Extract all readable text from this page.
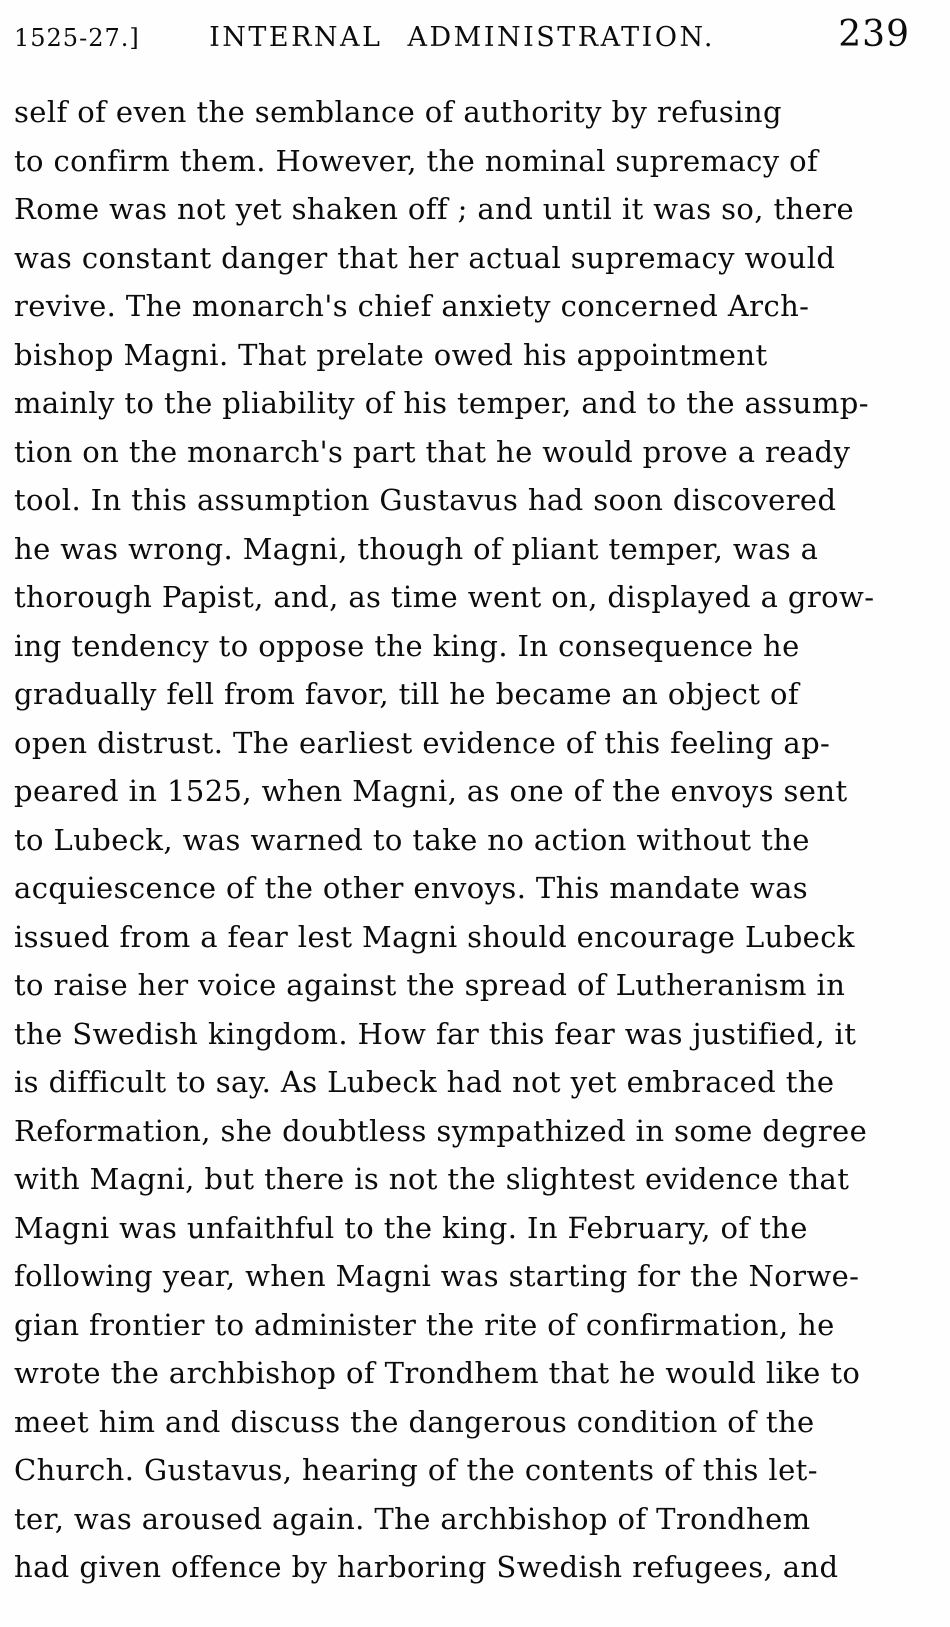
1525-27.]	INTERNAL ADMINISTRATION.	239
self of even the semblance of authority by refusing
to confirm them. However, the nominal supremacy of
Rome was not yet shaken off ; and until it was so, there
was constant danger that her actual supremacy would
revive. The monarch's chief anxiety concerned Arch-
bishop Magni. That prelate owed his appointment
mainly to the pliability of his temper, and to the assump-
tion on the monarch's part that he would prove a ready
tool. In this assumption Gustavus had soon discovered
he was wrong. Magni, though of pliant temper, was a
thorough Papist, and, as time went on, displayed a grow-
ing tendency to oppose the king. In consequence he
gradually fell from favor, till he became an object of
open distrust. The earliest evidence of this feeling ap-
peared in 1525, when Magni, as one of the envoys sent
to Lubeck, was warned to take no action without the
acquiescence of the other envoys. This mandate was
issued from a fear lest Magni should encourage Lubeck
to raise her voice against the spread of Lutheranism in
the Swedish kingdom. How far this fear was justified, it
is difficult to say. As Lubeck had not yet embraced the
Reformation, she doubtless sympathized in some degree
with Magni, but there is not the slightest evidence that
Magni was unfaithful to the king. In February, of the
following year, when Magni was starting for the Norwe-
gian frontier to administer the rite of confirmation, he
wrote the archbishop of Trondhem that he would like to
meet him and discuss the dangerous condition of the
Church. Gustavus, hearing of the contents of this let-
ter, was aroused again. The archbishop of Trondhem
had given offence by harboring Swedish refugees, and
